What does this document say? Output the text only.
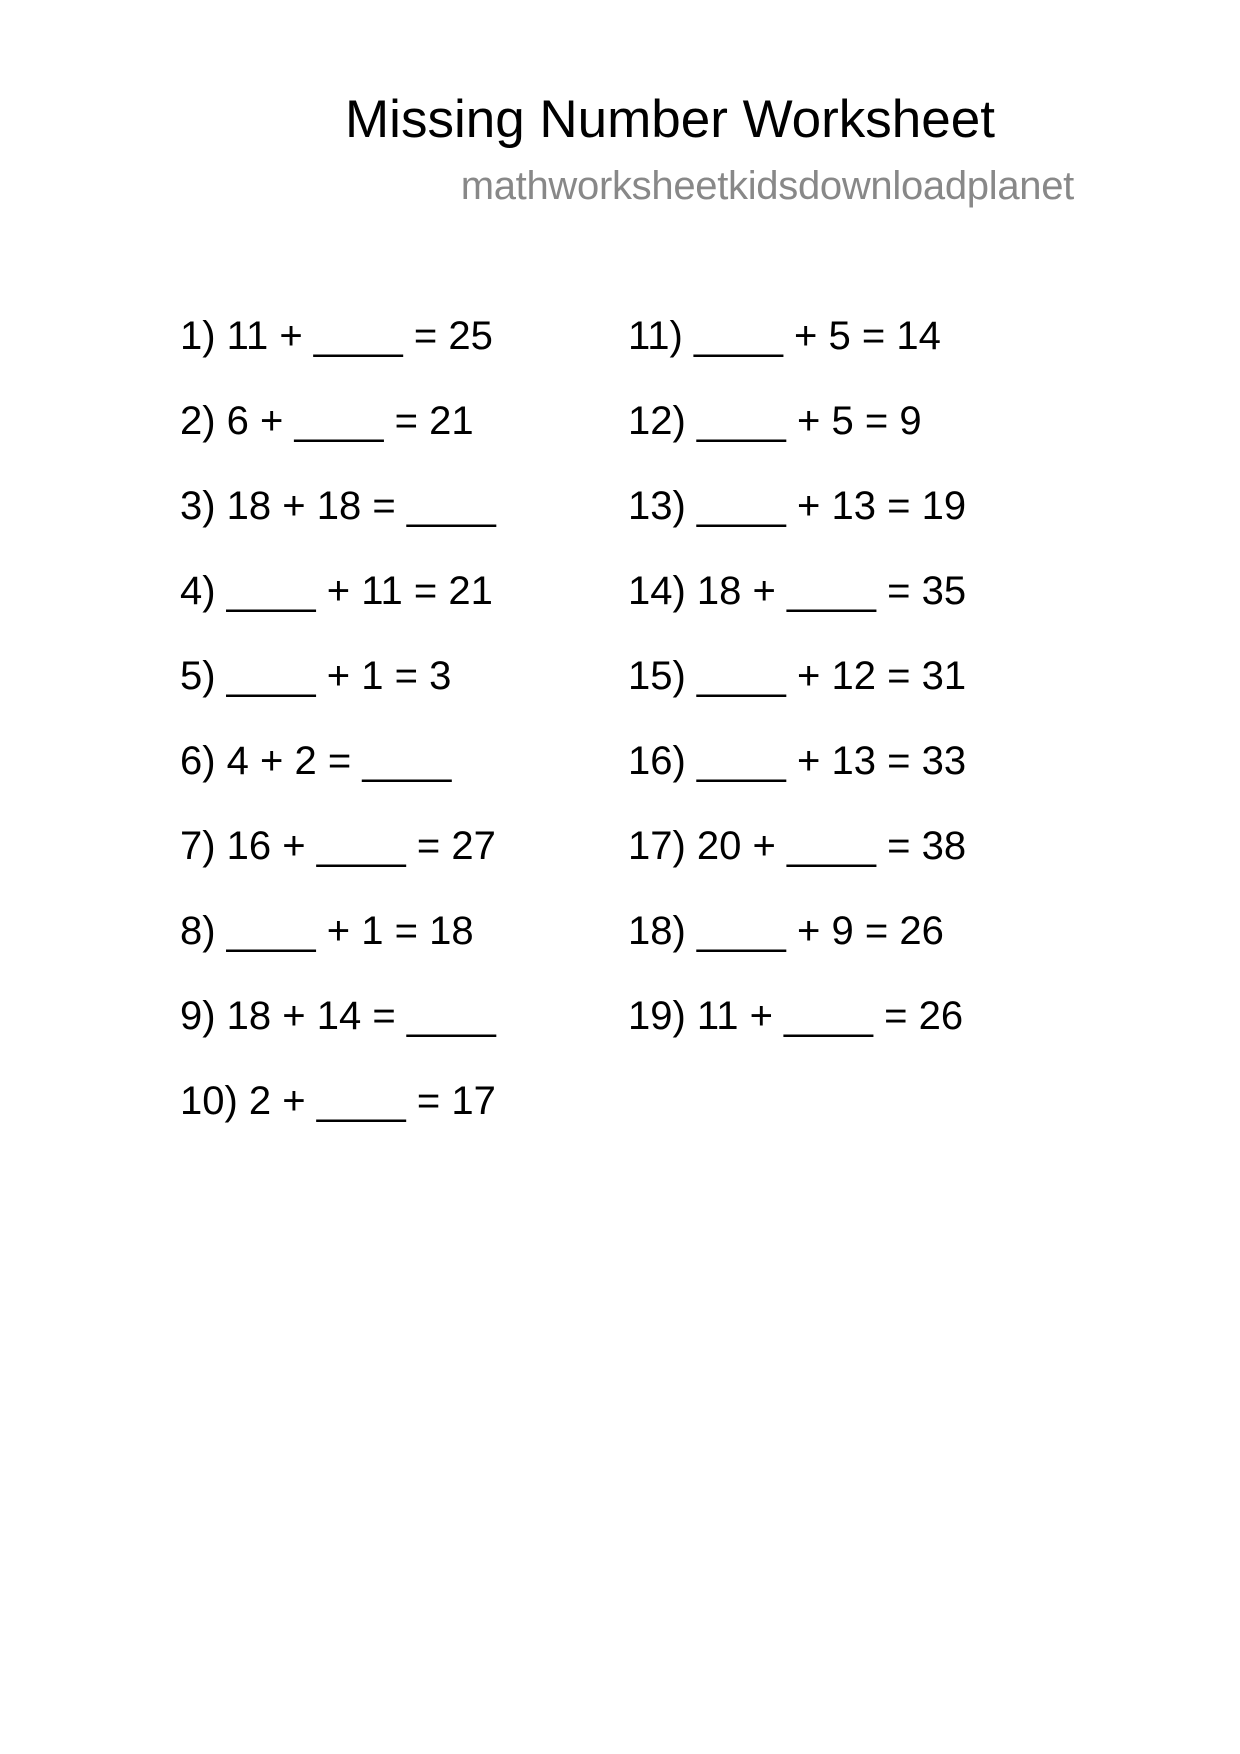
Missing Number Worksheet
mathworksheetkidsdownloadplanet
1) 11 + ____ = 25
2) 6 + ____ = 21
3) 18 + 18 = ____
4) ____ + 11 = 21
5) ____ + 1 = 3
6) 4 + 2 = ____
7) 16 + ____ = 27
8) ____ + 1 = 18
9) 18 + 14 = ____
10) 2 + ____ = 17
11) ____ + 5 = 14
12) ____ + 5 = 9
13) ____ + 13 = 19
14) 18 + ____ = 35
15) ____ + 12 = 31
16) ____ + 13 = 33
17) 20 + ____ = 38
18) ____ + 9 = 26
19) 11 + ____ = 26
